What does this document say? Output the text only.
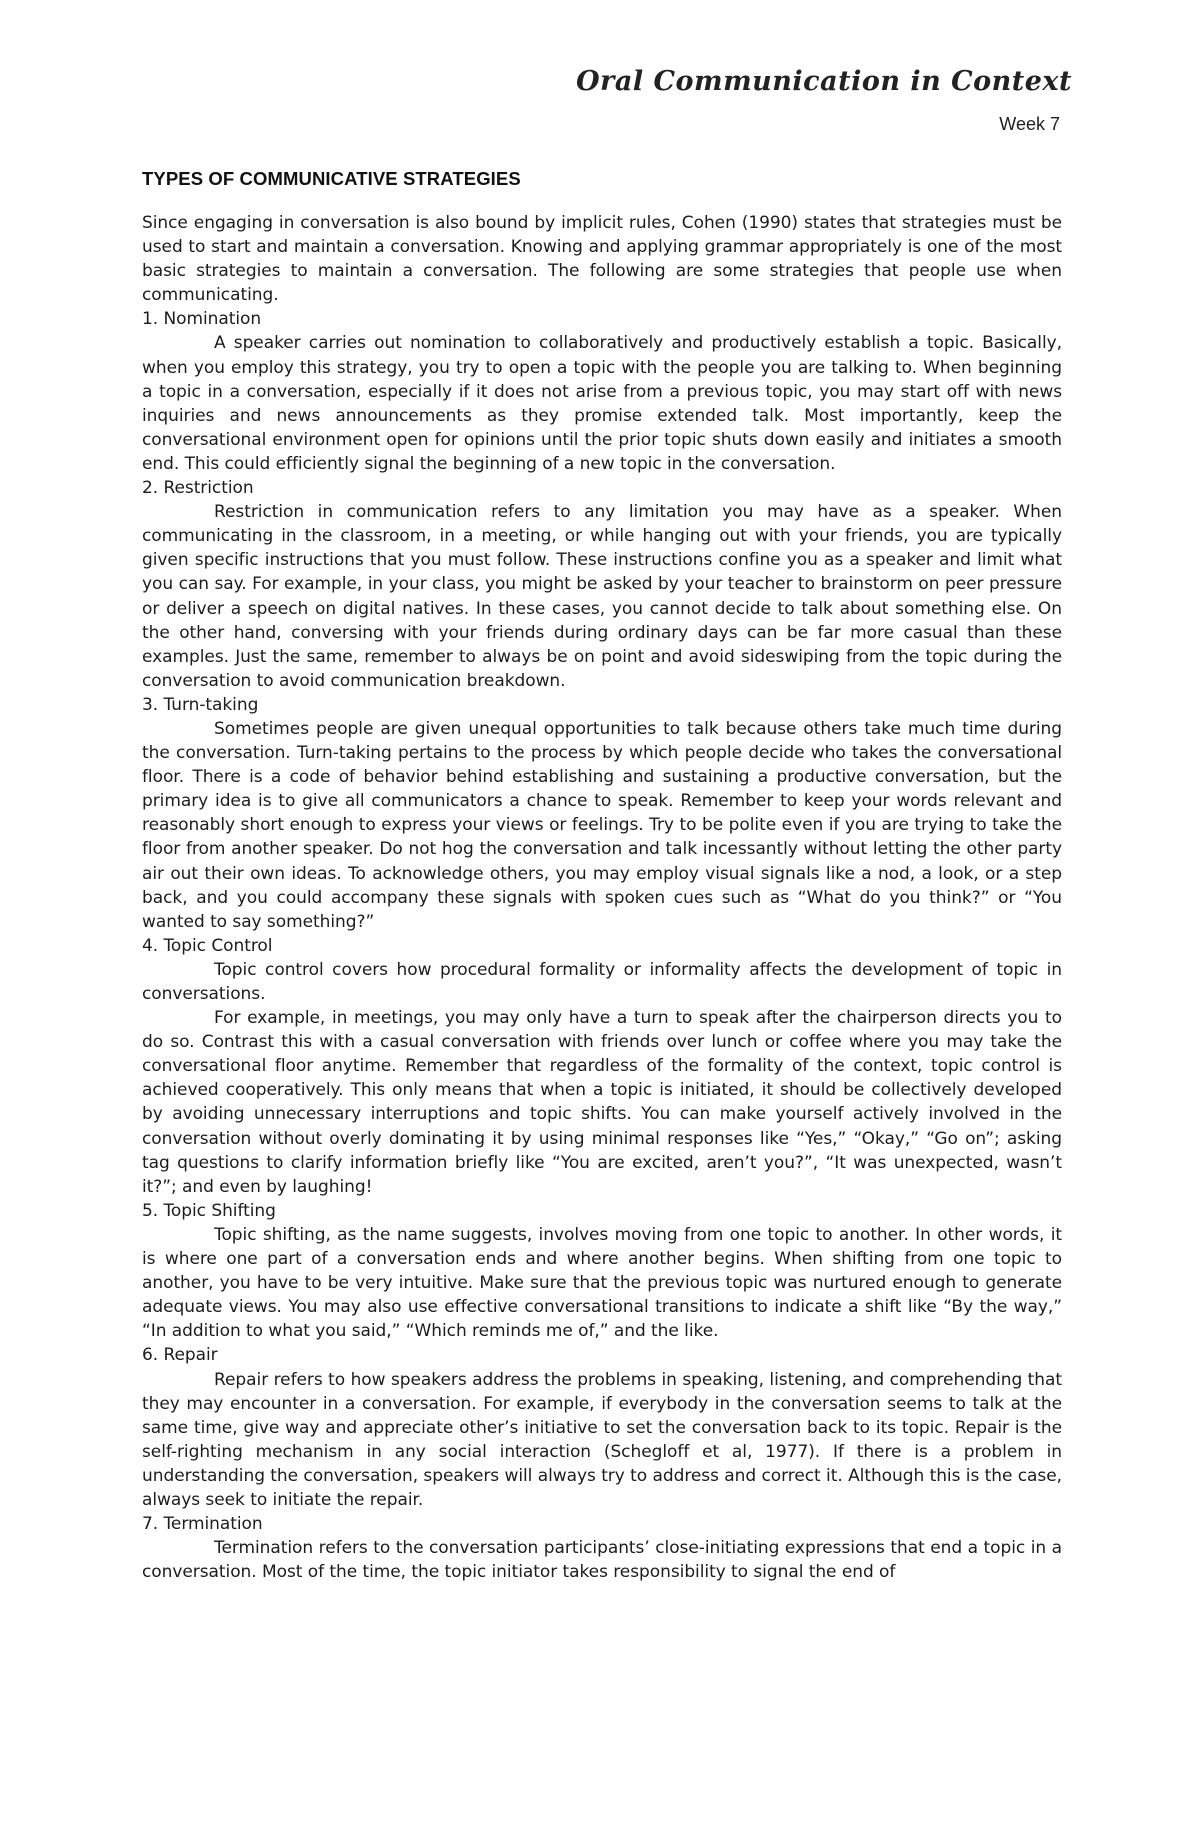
Oral Communication in Context
Week 7
TYPES OF COMMUNICATIVE STRATEGIES

Since engaging in conversation is also bound by implicit rules, Cohen (1990) states that strategies must be used to start and maintain a conversation. Knowing and applying grammar appropriately is one of the most basic strategies to maintain a conversation. The following are some strategies that people use when communicating.

1. Nomination

A speaker carries out nomination to collaboratively and productively establish a topic. Basically, when you employ this strategy, you try to open a topic with the people you are talking to. When beginning a topic in a conversation, especially if it does not arise from a previous topic, you may start off with news inquiries and news announcements as they promise extended talk. Most importantly, keep the conversational environment open for opinions until the prior topic shuts down easily and initiates a smooth end. This could efficiently signal the beginning of a new topic in the conversation.

2. Restriction

Restriction in communication refers to any limitation you may have as a speaker. When communicating in the classroom, in a meeting, or while hanging out with your friends, you are typically given specific instructions that you must follow. These instructions confine you as a speaker and limit what you can say. For example, in your class, you might be asked by your teacher to brainstorm on peer pressure or deliver a speech on digital natives. In these cases, you cannot decide to talk about something else. On the other hand, conversing with your friends during ordinary days can be far more casual than these examples. Just the same, remember to always be on point and avoid sideswiping from the topic during the conversation to avoid communication breakdown.

3. Turn-taking

Sometimes people are given unequal opportunities to talk because others take much time during the conversation. Turn-taking pertains to the process by which people decide who takes the conversational floor. There is a code of behavior behind establishing and sustaining a productive conversation, but the primary idea is to give all communicators a chance to speak. Remember to keep your words relevant and reasonably short enough to express your views or feelings. Try to be polite even if you are trying to take the floor from another speaker. Do not hog the conversation and talk incessantly without letting the other party air out their own ideas. To acknowledge others, you may employ visual signals like a nod, a look, or a step back, and you could accompany these signals with spoken cues such as “What do you think?” or “You wanted to say something?”

4. Topic Control

Topic control covers how procedural formality or informality affects the development of topic in conversations.

For example, in meetings, you may only have a turn to speak after the chairperson directs you to do so. Contrast this with a casual conversation with friends over lunch or coffee where you may take the conversational floor anytime. Remember that regardless of the formality of the context, topic control is achieved cooperatively. This only means that when a topic is initiated, it should be collectively developed by avoiding unnecessary interruptions and topic shifts. You can make yourself actively involved in the conversation without overly dominating it by using minimal responses like “Yes,” “Okay,” “Go on”; asking tag questions to clarify information briefly like “You are excited, aren’t you?”, “It was unexpected, wasn’t it?”; and even by laughing!

5. Topic Shifting

Topic shifting, as the name suggests, involves moving from one topic to another. In other words, it is where one part of a conversation ends and where another begins. When shifting from one topic to another, you have to be very intuitive. Make sure that the previous topic was nurtured enough to generate adequate views. You may also use effective conversational transitions to indicate a shift like “By the way,” “In addition to what you said,” “Which reminds me of,” and the like.

6. Repair

Repair refers to how speakers address the problems in speaking, listening, and comprehending that they may encounter in a conversation. For example, if everybody in the conversation seems to talk at the same time, give way and appreciate other’s initiative to set the conversation back to its topic. Repair is the self-righting mechanism in any social interaction (Schegloff et al, 1977). If there is a problem in understanding the conversation, speakers will always try to address and correct it. Although this is the case, always seek to initiate the repair.

7. Termination

Termination refers to the conversation participants’ close-initiating expressions that end a topic in a conversation. Most of the time, the topic initiator takes responsibility to signal the end of
